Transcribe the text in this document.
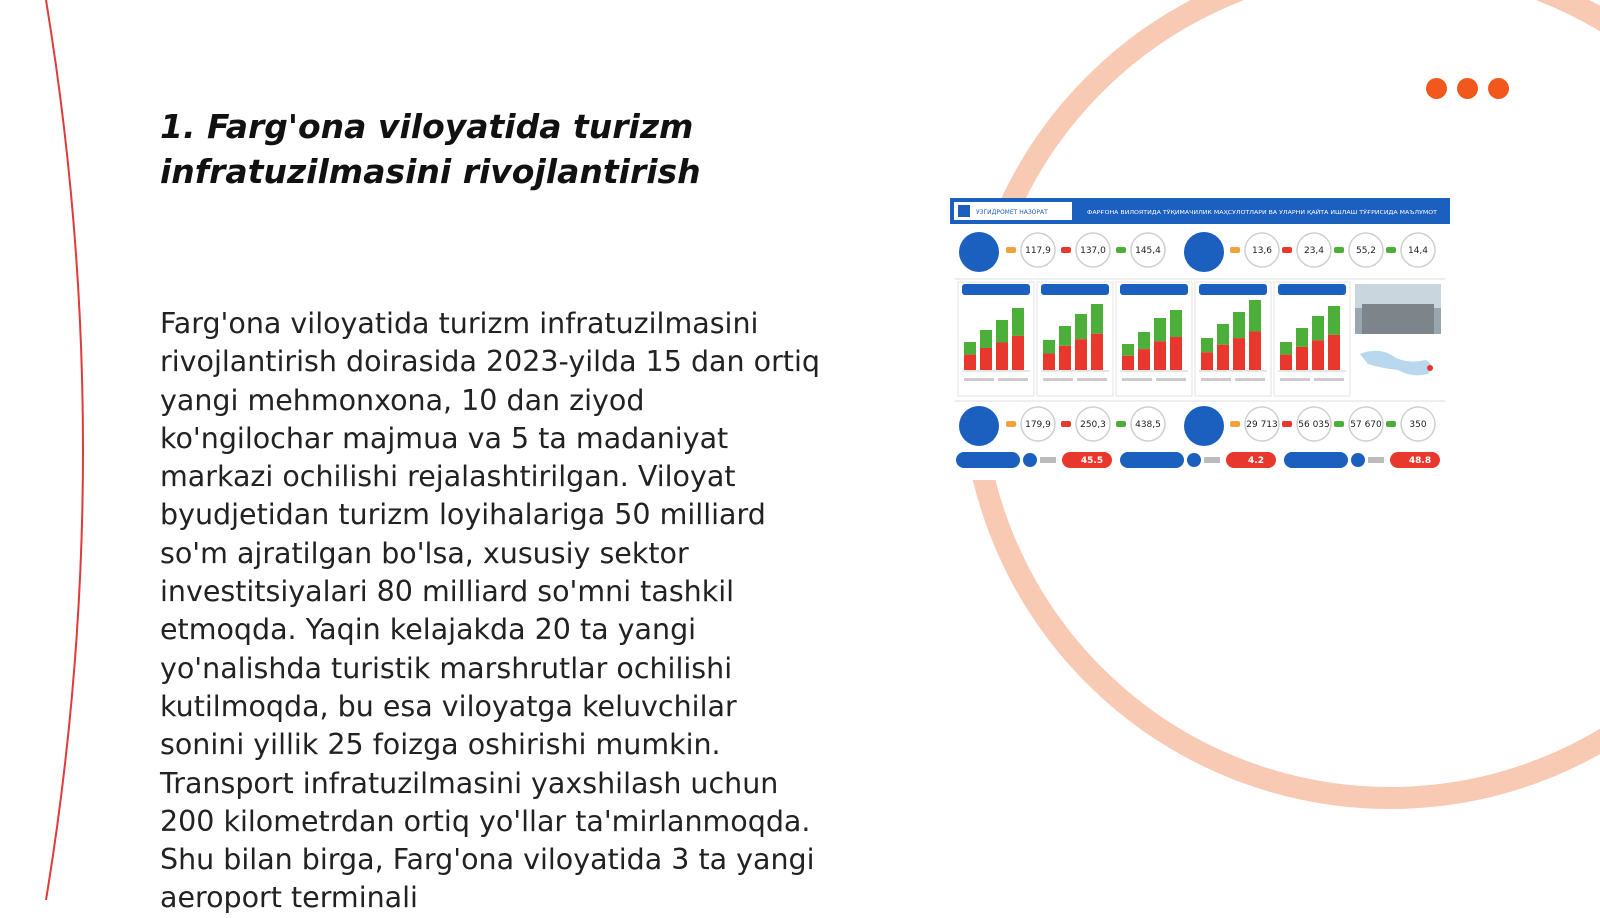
1. Farg'ona viloyatida turizm
infratuzilmasini rivojlantirish

Farg'ona viloyatida turizm infratuzilmasini rivojlantirish doirasida 2023-yilda 15 dan ortiq yangi mehmonxona, 10 dan ziyod ko'ngilochar majmua va 5 ta madaniyat markazi ochilishi rejalashtirilgan. Viloyat byudjetidan turizm loyihalariga 50 milliard so'm ajratilgan bo'lsa, xususiy sektor investitsiyalari 80 milliard so'mni tashkil etmoqda. Yaqin kelajakda 20 ta yangi yo'nalishda turistik marshrutlar ochilishi kutilmoqda, bu esa viloyatga keluvchilar sonini yillik 25 foizga oshirishi mumkin. Transport infratuzilmasini yaxshilash uchun 200 kilometrdan ortiq yo'llar ta'mirlanmoqda. Shu bilan birga, Farg'ona viloyatida 3 ta yangi aeroport terminali

УЗГИДРОМЕТ НАЗОРАТ	ФАРҒОНА ВИЛОЯТИДА ТЎҚИМАЧИЛИК МАҲСУЛОТЛАРИ ВА УЛАРНИ ҚАЙТА ИШЛАШ ТЎҒРИСИДА МАЪЛУМОТ
117,9	137,0	145,4	13,6	23,4	55,2	14,4
179,9	250,3	438,5	29 713 56 035 57 670	350
45.5	4.2	48.8
